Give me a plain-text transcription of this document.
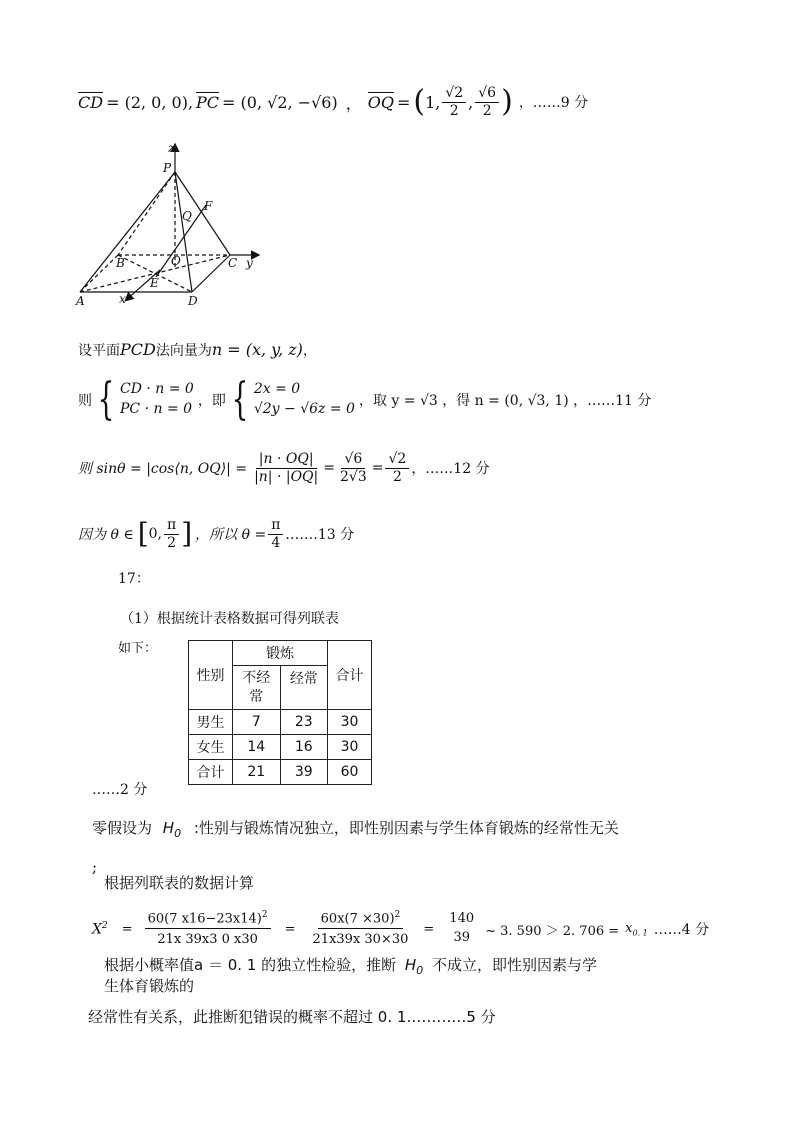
CD = (2, 0, 0), PC = (0, √2, −√6) ， OQ = ( 1, $\frac{√2}{2}$ , $\frac{√6}{2}$ ) ，……9 分
z
P
F
Q
B	O	C y
E
A	x	D
设平面PCD法向量为n = (x, y, z)，
则 { CD · n = 0
PC · n = 0 ，即 { 2x = 0
√2y − √6z = 0 ，取 y = √3 ，得 n = (0, √3, 1) ，……11 分
则 sinθ = |cos⟨n, OQ⟩| = $\frac{|n \cdot OQ|}{|n| \cdot |OQ|} = \frac{√6}{2√3} = \frac{√2}{2}$ ，……12 分
因为 θ ∈ [ 0, $\frac{\pi}{2}$ ] ，所以 $\theta = \frac{\pi}{4}$ .……13 分
17：
（1）根据统计表格数据可得列联表
如下：
性别	锻炼		合计
	不经常	经常	
男生	7	23	30
女生	14	16	30
合计	21	39	60
……2 分
零假设为 $H_0$ :性别与锻炼情况独立，即性别因素与学生体育锻炼的经常性无关
;
根据列联表的数据计算
$X^2 = \frac{60(7 x16-23x14)^2}{21x 39x3 0 x30} = \frac{60x(7 \times 30)^2}{21x39x 30\times 30}$ =
140
39 ~ 3. 590 ＞ 2. $706 = x_{0. 1}$ ……4 分
根据小概率值a ＝ 0. 1 的独立性检验，推断 $H_0$ 不成立，即性别因素与学
生体育锻炼的
经常性有关系，此推断犯错误的概率不超过 0. 1…………5 分
